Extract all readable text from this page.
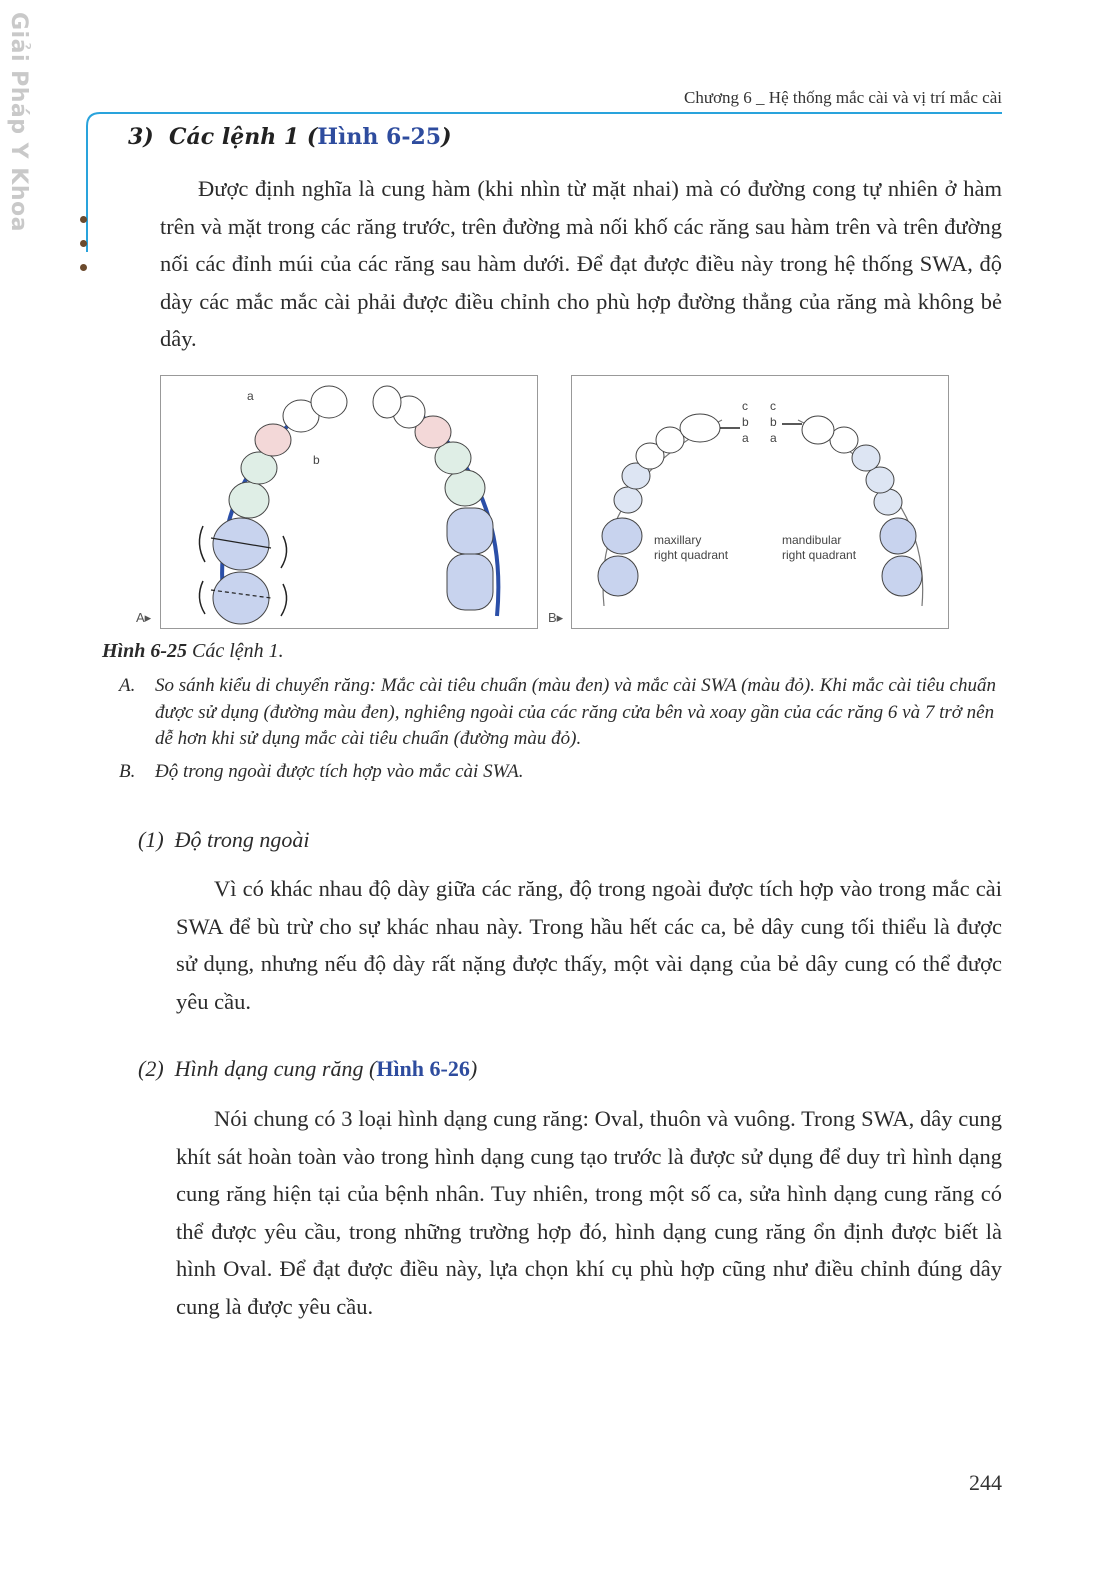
Giải Pháp Y Khoa	Chương 6 _ Hệ thống mắc cài và vị trí mắc cài
3) Các lệnh 1 (Hình 6-25)
Được định nghĩa là cung hàm (khi nhìn từ mặt nhai) mà có đường cong tự nhiên ở hàm trên và mặt trong các răng trước, trên đường mà nối khố các răng sau hàm trên và trên đường nối các đỉnh múi của các răng sau hàm dưới. Để đạt được điều này trong hệ thống SWA, độ dày các mắc mắc cài phải được điều chỉnh cho phù hợp đường thẳng của răng mà không bẻ dây.
a
b
A▸
c
b
a
c
b
a
maxillary
right quadrant
mandibular
right quadrant
B▸
Hình 6-25 Các lệnh 1.
A. So sánh kiểu di chuyển răng: Mắc cài tiêu chuẩn (màu đen) và mắc cài SWA (màu đỏ). Khi mắc cài tiêu chuẩn được sử dụng (đường màu đen), nghiêng ngoài của các răng cửa bên và xoay gần của các răng 6 và 7 trở nên dễ hơn khi sử dụng mắc cài tiêu chuẩn (đường màu đỏ).
B. Độ trong ngoài được tích hợp vào mắc cài SWA.
(1) Độ trong ngoài
Vì có khác nhau độ dày giữa các răng, độ trong ngoài được tích hợp vào trong mắc cài SWA để bù trừ cho sự khác nhau này. Trong hầu hết các ca, bẻ dây cung tối thiểu là được sử dụng, nhưng nếu độ dày rất nặng được thấy, một vài dạng của bẻ dây cung có thể được yêu cầu.
(2) Hình dạng cung răng (Hình 6-26)
Nói chung có 3 loại hình dạng cung răng: Oval, thuôn và vuông. Trong SWA, dây cung khít sát hoàn toàn vào trong hình dạng cung tạo trước là được sử dụng để duy trì hình dạng cung răng hiện tại của bệnh nhân. Tuy nhiên, trong một số ca, sửa hình dạng cung răng có thể được yêu cầu, trong những trường hợp đó, hình dạng cung răng ổn định được biết là hình Oval. Để đạt được điều này, lựa chọn khí cụ phù hợp cũng như điều chỉnh đúng dây cung là được yêu cầu.
244
